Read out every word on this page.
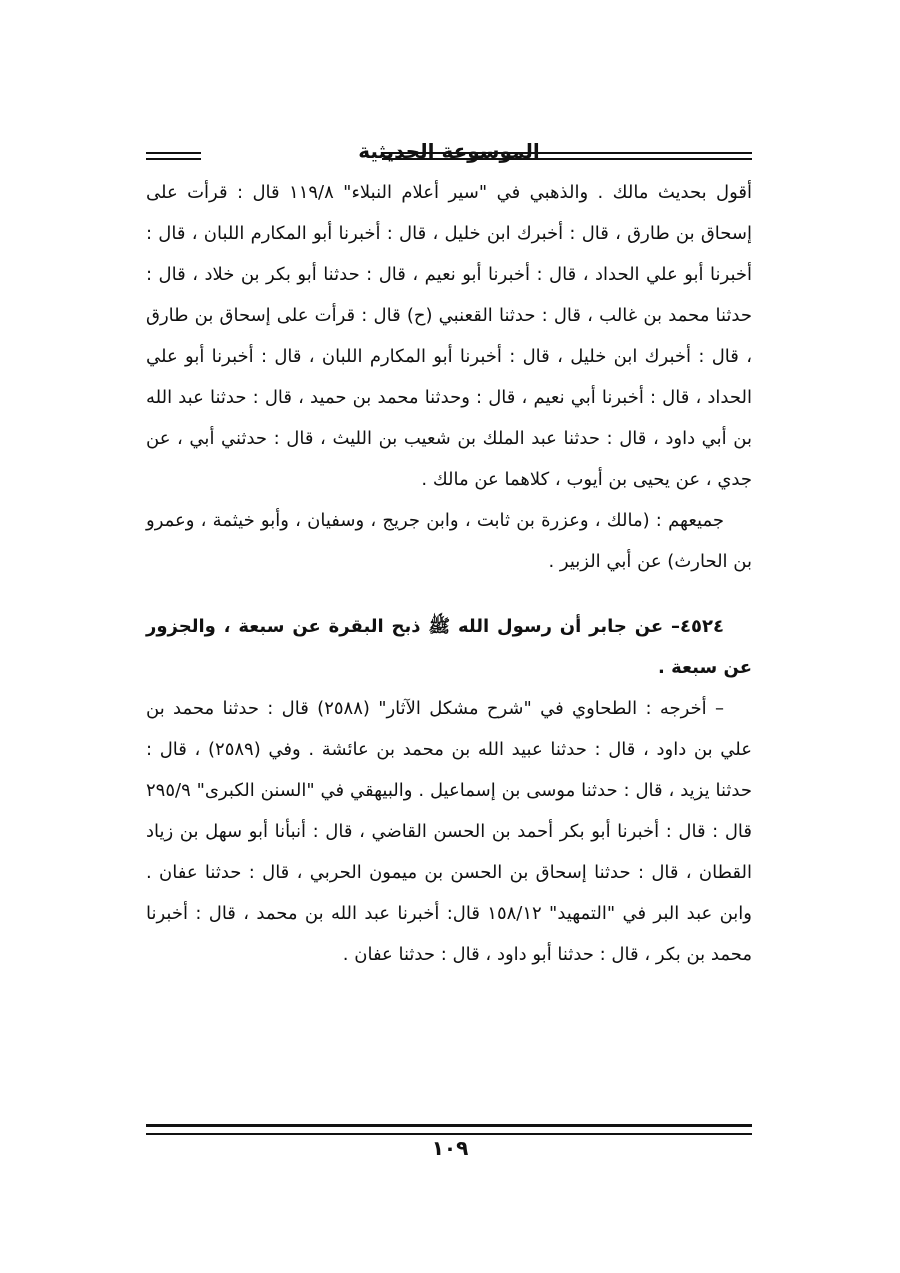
الموسوعة الحديثية

أقول بحديث مالك . والذهبي في "سير أعلام النبلاء" ١١٩/٨ قال : قرأت على إسحاق بن طارق ، قال : أخبرك ابن خليل ، قال : أخبرنا أبو المكارم اللبان ، قال : أخبرنا أبو علي الحداد ، قال : أخبرنا أبو نعيم ، قال : حدثنا أبو بكر بن خلاد ، قال : حدثنا محمد بن غالب ، قال : حدثنا القعنبي (ح) قال : قرأت على إسحاق بن طارق ، قال : أخبرك ابن خليل ، قال : أخبرنا أبو المكارم اللبان ، قال : أخبرنا أبو علي الحداد ، قال : أخبرنا أبي نعيم ، قال : وحدثنا محمد بن حميد ، قال : حدثنا عبد الله بن أبي داود ، قال : حدثنا عبد الملك بن شعيب بن الليث ، قال : حدثني أبي ، عن جدي ، عن يحيى بن أيوب ، كلاهما عن مالك .

جميعهم : (مالك ، وعزرة بن ثابت ، وابن جريج ، وسفيان ، وأبو خيثمة ، وعمرو بن الحارث) عن أبي الزبير .

٤٥٢٤– عن جابر أن رسول الله ﷺ ذبح البقرة عن سبعة ، والجزور عن سبعة .

– أخرجه : الطحاوي في "شرح مشكل الآثار" (٢٥٨٨) قال : حدثنا محمد بن علي بن داود ، قال : حدثنا عبيد الله بن محمد بن عائشة . وفي (٢٥٨٩) ، قال : حدثنا يزيد ، قال : حدثنا موسى بن إسماعيل . والبيهقي في "السنن الكبرى" ٢٩٥/٩ قال : قال : أخبرنا أبو بكر أحمد بن الحسن القاضي ، قال : أنبأنا أبو سهل بن زياد القطان ، قال : حدثنا إسحاق بن الحسن بن ميمون الحربي ، قال : حدثنا عفان . وابن عبد البر في "التمهيد" ١٥٨/١٢ قال: أخبرنا عبد الله بن محمد ، قال : أخبرنا محمد بن بكر ، قال : حدثنا أبو داود ، قال : حدثنا عفان .

١٠٩
